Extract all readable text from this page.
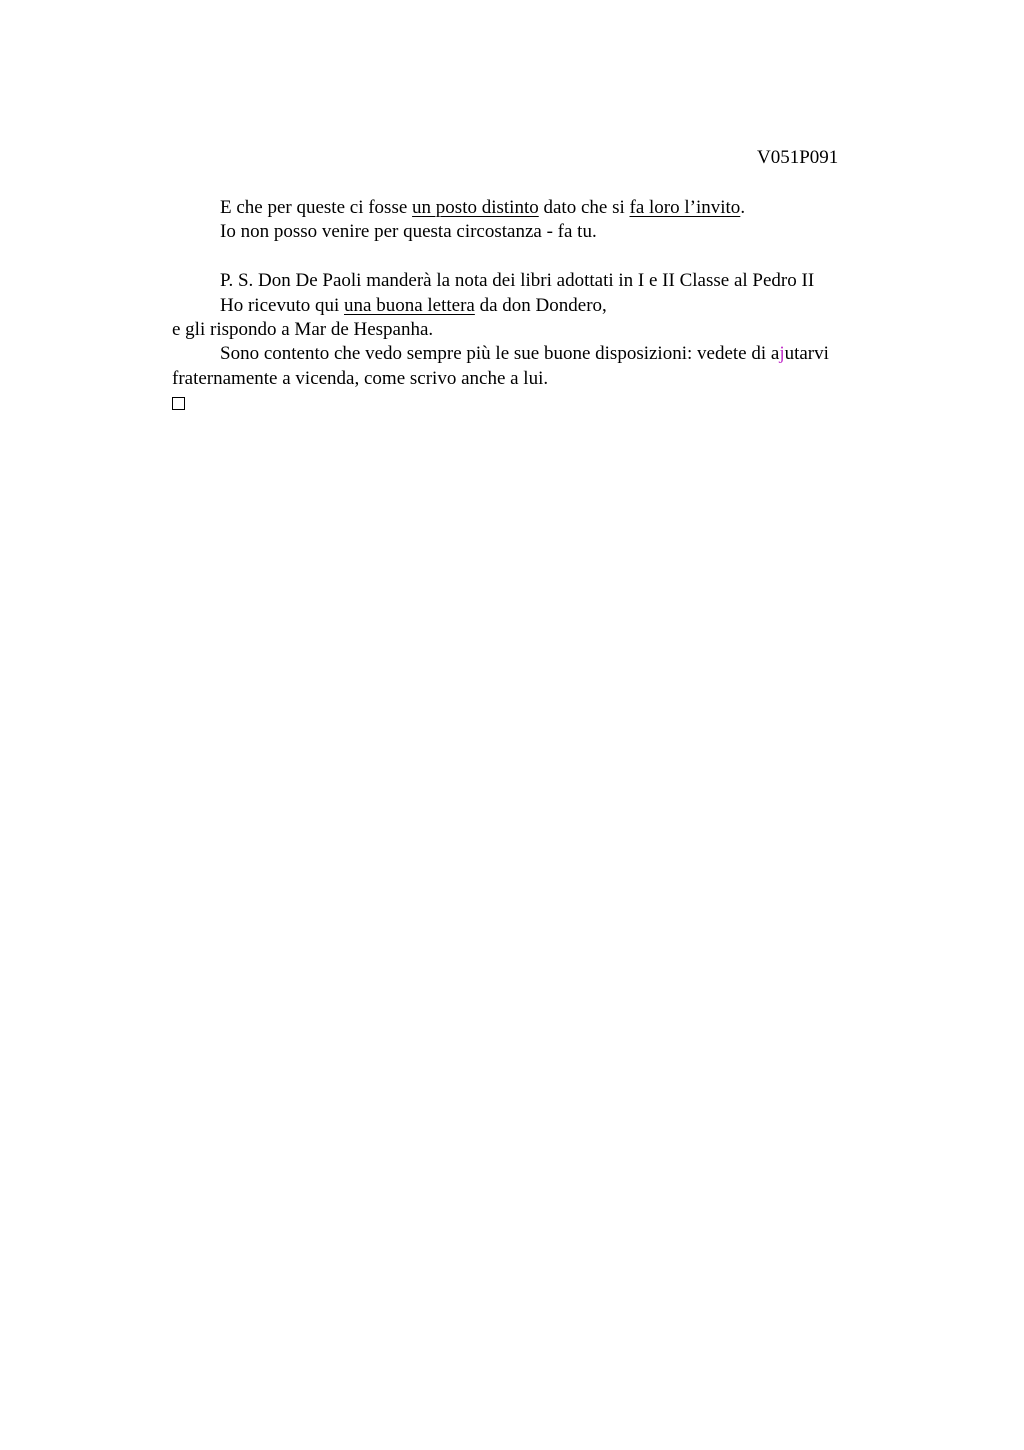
V051P091
E che per queste ci fosse un posto distinto dato che si fa loro l’invito.
Io non posso venire per questa circostanza - fa tu.
P. S. Don De Paoli manderà la nota dei libri adottati in I e II Classe al Pedro II
Ho ricevuto qui una buona lettera da don Dondero,
e gli rispondo a Mar de Hespanha.
Sono contento che vedo sempre più le sue buone disposizioni: vedete di ajutarvi
fraternamente a vicenda, come scrivo anche a lui.
